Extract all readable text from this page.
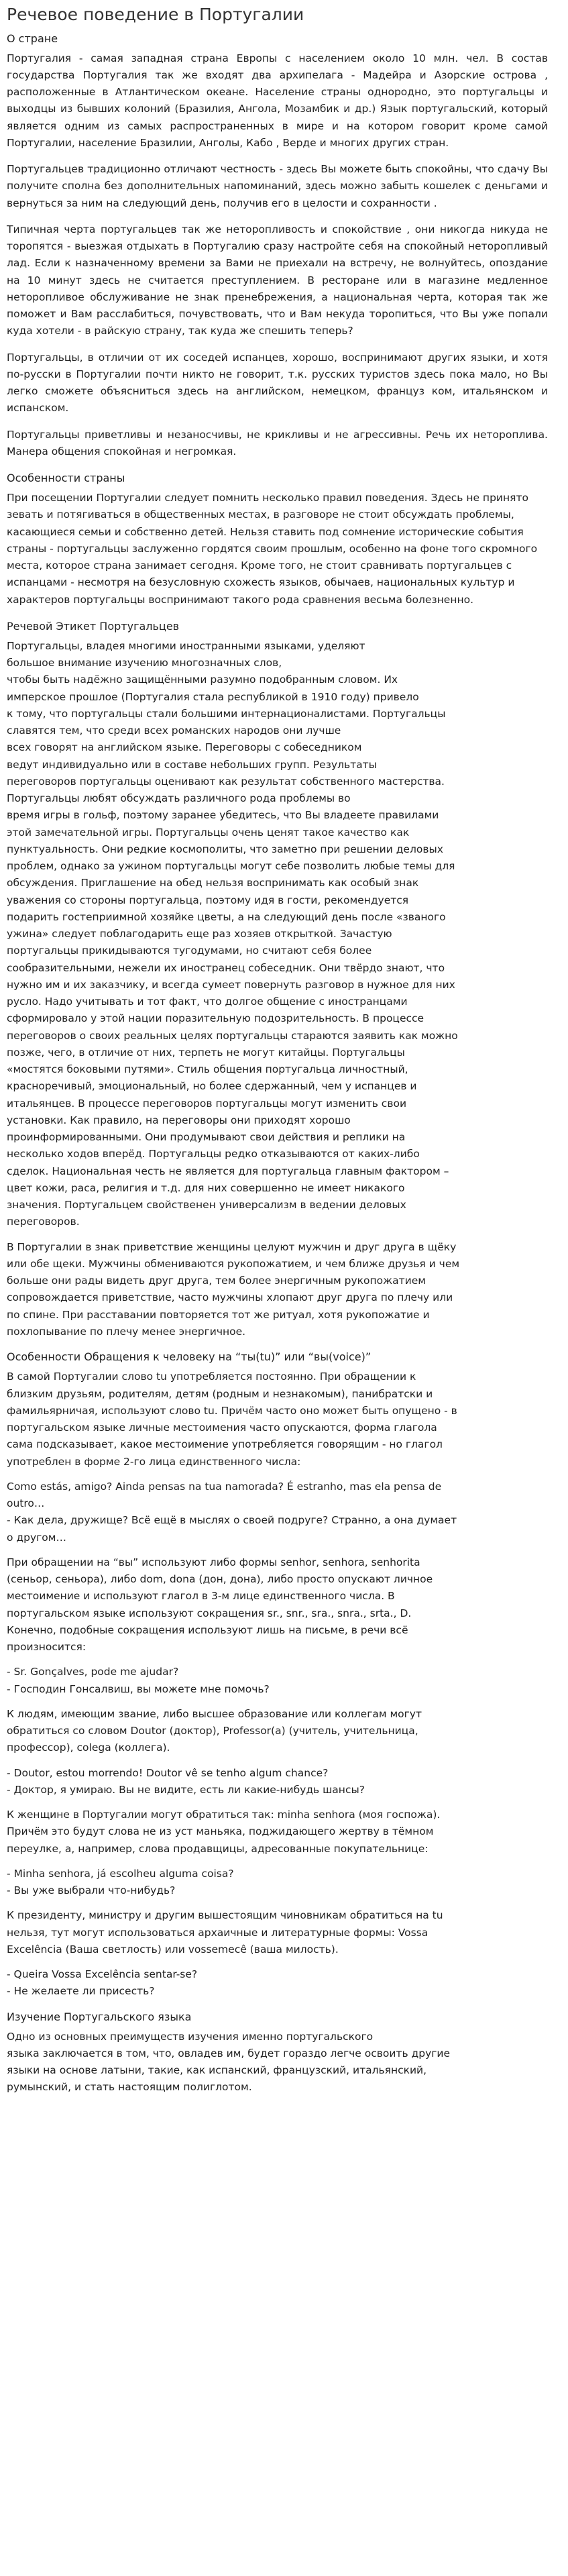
Речевое поведение в Португалии
О стране

Португалия - самая западная страна Европы с населением около 10 млн. чел. В состав государства Португалия так же входят два архипелага - Мадейра и Азорские острова , расположенные в Атлантическом океане. Население страны однородно, это португальцы и выходцы из бывших колоний (Бразилия, Ангола, Мозамбик и др.) Язык португальский, который является одним из самых распространенных в мире и на котором говорит кроме самой Португалии, население Бразилии, Анголы, Кабо , Верде и многих других стран.

Португальцев традиционно отличают честность - здесь Вы можете быть спокойны, что сдачу Вы получите сполна без дополнительных напоминаний, здесь можно забыть кошелек с деньгами и вернуться за ним на следующий день, получив его в целости и сохранности .

Типичная черта португальцев так же неторопливость и спокойствие , они никогда никуда не торопятся - выезжая отдыхать в Португалию сразу настройте себя на спокойный неторопливый лад. Если к назначенному времени за Вами не приехали на встречу, не волнуйтесь, опоздание на 10 минут здесь не считается преступлением. В ресторане или в магазине медленное неторопливое обслуживание не знак пренебрежения, а национальная черта, которая так же поможет и Вам расслабиться, почувствовать, что и Вам некуда торопиться, что Вы уже попали куда хотели - в райскую страну, так куда же спешить теперь?

Португальцы, в отличии от их соседей испанцев, хорошо, воспринимают других языки, и хотя по-русски в Португалии почти никто не говорит, т.к. русских туристов здесь пока мало, но Вы легко сможете объясниться здесь на английском, немецком, француз ком, итальянском и испанском.

Португальцы приветливы и незанocчивы, не крикливы и не агрессивны. Речь их неторопливa. Манера общения спокойная и негромкая.

Особенности страны

При посещении Португалии следует помнить несколько правил поведения. Здесь не принято зевать и потягиваться в общественных местах, в разговоре не стоит обсуждать проблемы, касающиеся семьи и собственно детей. Нельзя ставить под сомнение исторические события страны - португальцы заслуженно гордятся своим прошлым, особенно на фоне того скромного места, которое страна занимает сегодня. Кроме того, не стоит сравнивать португальцев с испанцами - несмотря на безусловную схожесть языков, обычаев, национальных культур и характеров португальцы воспринимают такого рода сравнения весьма болезненно.

Речевой Этикет Португальцев
Португальцы, владея многими иностранными языками, уделяют
большое внимание изучению многозначных слов,
чтобы быть надёжно защищёнными разумно подобранным словом. Их
имперское прошлое (Португалия стала республикой в 1910 году) привело
к тому, что португальцы стали большими интернационалистами. Португальцы
славятся тем, что среди всех романских народов они лучше
всех говорят на английском языке. Переговоры с собеседником
ведут индивидуально или в составе небольших групп. Результаты
переговоров португальцы оценивают как результат собственного мастерства.
Португальцы любят обсуждать различного рода проблемы во
время игры в гольф, поэтому заранее убедитесь, что Вы владеете правилами
этой замечательной игры. Португальцы очень ценят такое качество как
пунктуальность. Они редкие космополиты, что заметно при решении деловых
проблем, однако за ужином португальцы могут себе позволить любые темы для
обсуждения. Приглашение на обед нельзя воспринимать как особый знак
уважения со стороны португальца, поэтому идя в гости, рекомендуется
подарить гостеприимной хозяйке цветы, а на следующий день после «званого
ужина» следует поблагодарить еще раз хозяев открыткой. Зачастую
португальцы прикидываются тугодумами, но считают себя более
сообразительными, нежели их иностранец собеседник. Они твёрдо знают, что
нужно им и их заказчику, и всегда сумеет повернуть разговор в нужное для них
русло. Надо учитывать и тот факт, что долгое общение с иностранцами
сформировало у этой нации поразительную подозрительность. В процессе
переговоров о своих реальных целях португальцы стараются заявить как можно
позже, чего, в отличие от них, терпеть не могут китайцы. Португальцы
«мостятся боковыми путями». Стиль общения португальца личностный,
красноречивый, эмоциональный, но более сдержанный, чем у испанцев и
итальянцев. В процессе переговоров португальцы могут изменить свои
установки. Как правило, на переговоры они приходят хорошо
проинформированными. Они продумывают свои действия и реплики на
несколько ходов вперёд. Португальцы редко отказываются от каких-либо
сделок. Национальная честь не является для португальца главным фактором –
цвет кожи, раса, религия и т.д. для них совершенно не имеет никакого
значения. Португальцем свойственен универсализм в ведении деловых
переговоров.
В Португалии в знак приветствие женщины целуют мужчин и друг друга в щёку
или обе щеки. Мужчины обмениваются рукопожатием, и чем ближе друзья и чем
больше они рады видеть друг друга, тем более энергичным рукопожатием
сопровождается приветствие, часто мужчины хлопают друг друга по плечу или
по спине. При расставании повторяется тот же ритуал, хотя рукопожатие и
похлопывание по плечу менее энергичное.
Особенности Обращения к человеку на “ты(tu)” или “вы(voice)”
В самой Португалии слово tu употребляется постоянно. При обращении к
близким друзьям, родителям, детям (родным и незнакомым), панибратски и
фамильярничая, используют слово tu. Причём часто оно может быть опущено - в
португальском языке личные местоимения часто опускаются, форма глагола
сама подсказывает, какое местоимение употребляется говорящим - но глагол
употреблен в форме 2-го лица единственного числа:
Como estás, amigo? Ainda pensas na tua namorada? É estranho, mas ela pensa de
outro…
- Как дела, дружище? Всё ещё в мыслях о своей подруге? Странно, а она думает
о другом…
При обращении на “вы” используют либо формы senhor, senhora, senhorita
(сеньор, сеньора), либо dom, dona (дон, дона), либо просто опускают личное
местоимение и используют глагол в 3-м лице единственного числа. В
португальском языке используют сокращения sr., snr., sra., snra., srta., D.
Конечно, подобные сокращения используют лишь на письме, в речи всё
произносится:
- Sr. Gonçalves, pode me ajudar?
- Господин Гонсалвиш, вы можете мне помочь?
К людям, имеющим звание, либо высшее образование или коллегам могут
обратиться со словом Doutor (доктор), Professor(a) (учитель, учительница,
профессор), colega (коллега).
- Doutor, estou morrendo! Doutor vê se tenho algum chance?
- Доктор, я умираю. Вы не видите, есть ли какие-нибудь шансы?
К женщине в Португалии могут обратиться так: minha senhora (моя госпожа).
Причём это будут слова не из уст маньяка, поджидающего жертву в тёмном
переулке, а, например, слова продавщицы, адресованные покупательнице:
- Minha senhora, já escolheu alguma coisa?
- Вы уже выбрали что-нибудь?
К президенту, министру и другим вышестоящим чиновникам обратиться на tu
нельзя, тут могут использоваться архаичные и литературные формы: Vossa
Excelência (Ваша светлость) или vossemecê (ваша милость).
- Queira Vossa Excelência sentar-se?
- Не желаете ли присесть?
Изучение Португальского языка
Одно из основных преимуществ изучения именно португальского
языка заключается в том, что, овладев им, будет гораздо легче освоить другие
языки на основе латыни, такие, как испанский, французский, итальянский,
румынский, и стать настоящим полиглотом.
